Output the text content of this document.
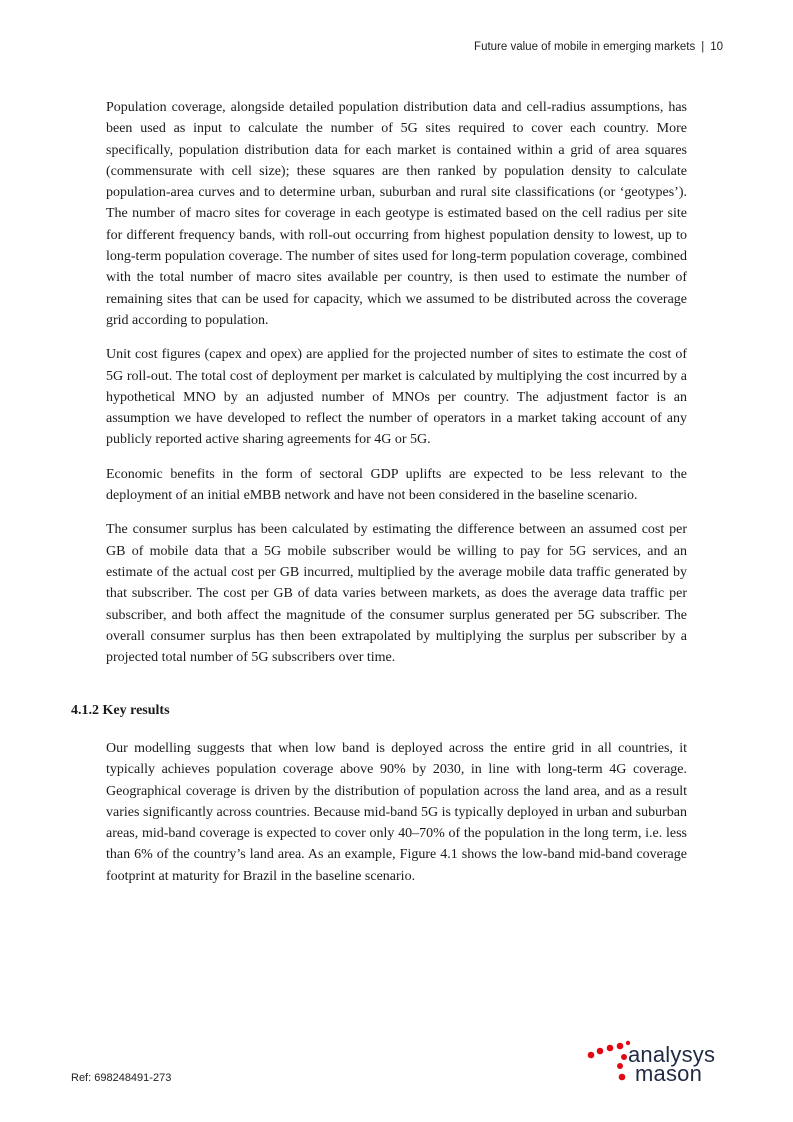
Future value of mobile in emerging markets | 10

Population coverage, alongside detailed population distribution data and cell-radius assumptions, has been used as input to calculate the number of 5G sites required to cover each country. More specifically, population distribution data for each market is contained within a grid of area squares (commensurate with cell size); these squares are then ranked by population density to calculate population-area curves and to determine urban, suburban and rural site classifications (or ‘geotypes’). The number of macro sites for coverage in each geotype is estimated based on the cell radius per site for different frequency bands, with roll-out occurring from highest population density to lowest, up to long-term population coverage. The number of sites used for long-term population coverage, combined with the total number of macro sites available per country, is then used to estimate the number of remaining sites that can be used for capacity, which we assumed to be distributed across the coverage grid according to population.

Unit cost figures (capex and opex) are applied for the projected number of sites to estimate the cost of 5G roll-out. The total cost of deployment per market is calculated by multiplying the cost incurred by a hypothetical MNO by an adjusted number of MNOs per country. The adjustment factor is an assumption we have developed to reflect the number of operators in a market taking account of any publicly reported active sharing agreements for 4G or 5G.

Economic benefits in the form of sectoral GDP uplifts are expected to be less relevant to the deployment of an initial eMBB network and have not been considered in the baseline scenario.

The consumer surplus has been calculated by estimating the difference between an assumed cost per GB of mobile data that a 5G mobile subscriber would be willing to pay for 5G services, and an estimate of the actual cost per GB incurred, multiplied by the average mobile data traffic generated by that subscriber. The cost per GB of data varies between markets, as does the average data traffic per subscriber, and both affect the magnitude of the consumer surplus generated per 5G subscriber. The overall consumer surplus has then been extrapolated by multiplying the surplus per subscriber by a projected total number of 5G subscribers over time.

4.1.2 Key results

Our modelling suggests that when low band is deployed across the entire grid in all countries, it typically achieves population coverage above 90% by 2030, in line with long-term 4G coverage. Geographical coverage is driven by the distribution of population across the land area, and as a result varies significantly across countries. Because mid-band 5G is typically deployed in urban and suburban areas, mid-band coverage is expected to cover only 40–70% of the population in the long term, i.e. less than 6% of the country’s land area. As an example, Figure 4.1 shows the low-band mid-band coverage footprint at maturity for Brazil in the baseline scenario.

Ref: 698248491-273
analysys
mason
